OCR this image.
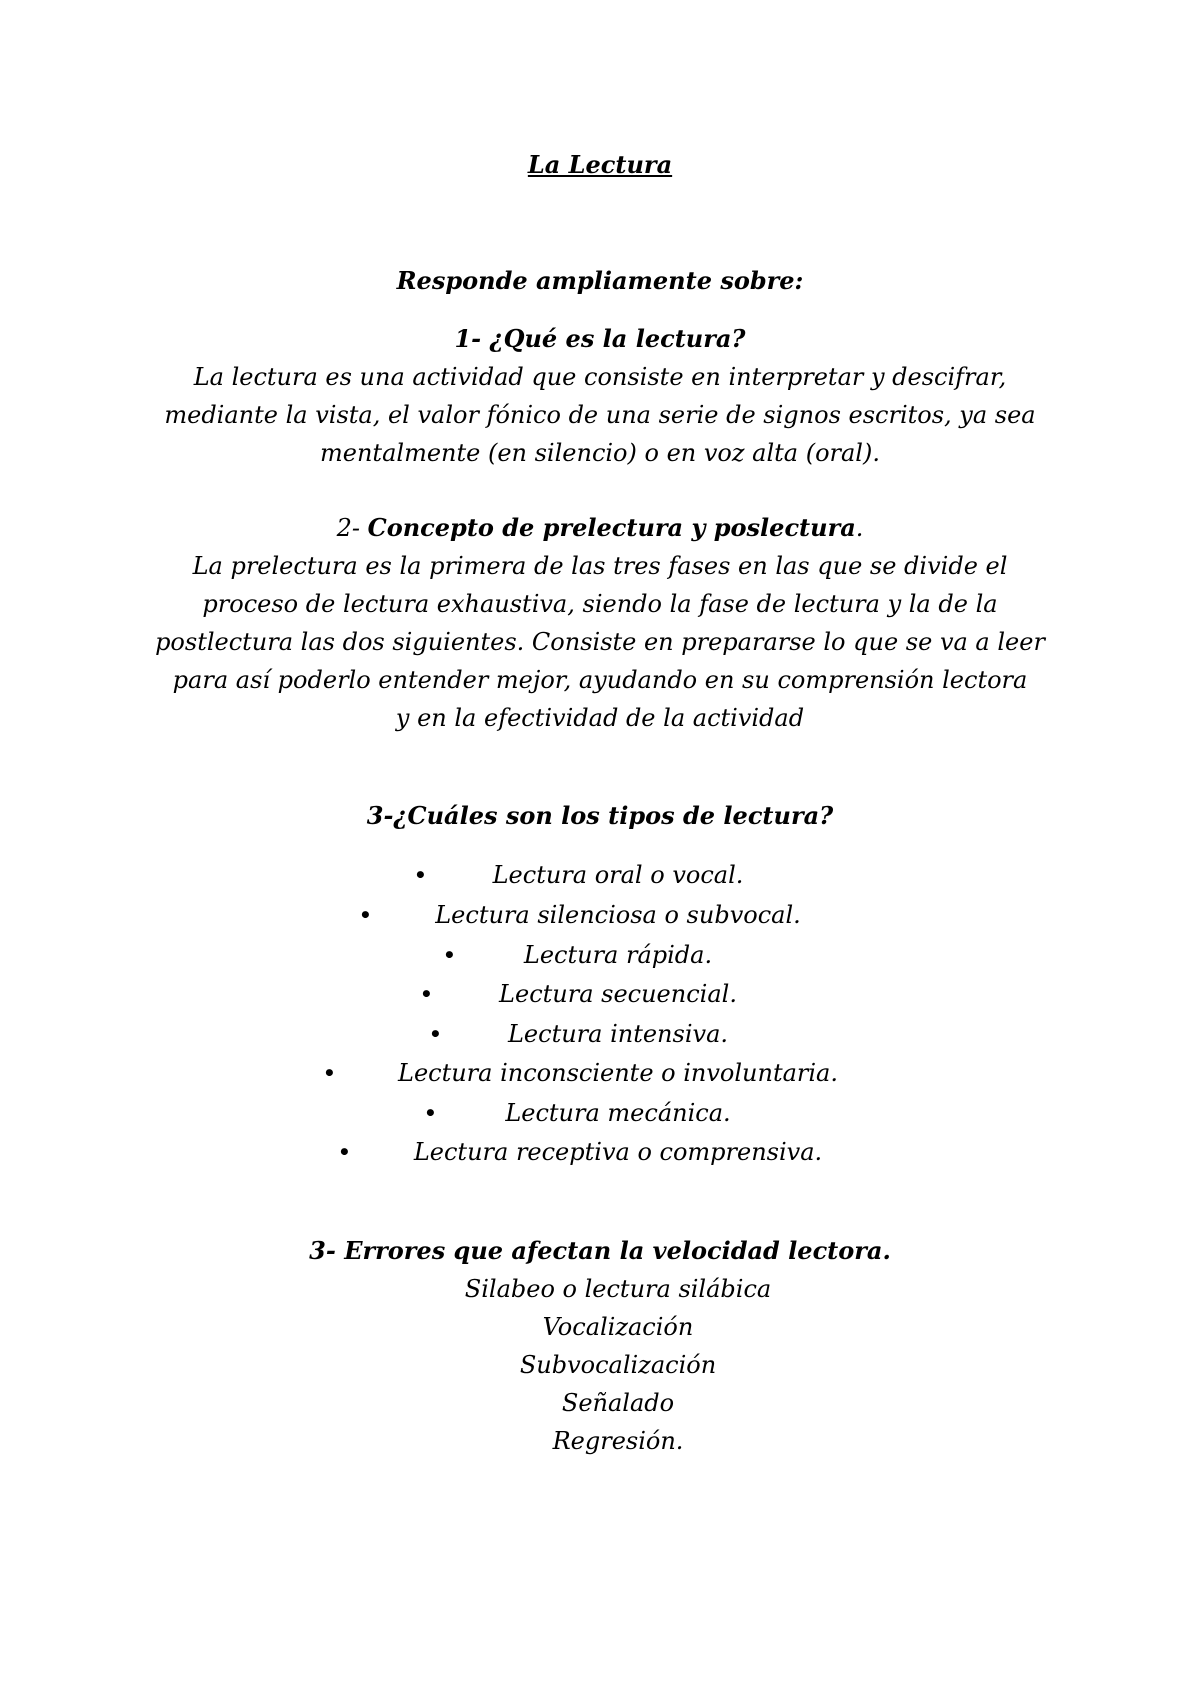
La Lectura
Responde ampliamente sobre:
1- ¿Qué es la lectura?
La lectura es una actividad que consiste en interpretar y descifrar,
mediante la vista, el valor fónico de una serie de signos escritos, ya sea
mentalmente (en silencio) o en voz alta (oral).
2- Concepto de prelectura y poslectura.
La prelectura es la primera de las tres fases en las que se divide el
proceso de lectura exhaustiva, siendo la fase de lectura y la de la
postlectura las dos siguientes. Consiste en prepararse lo que se va a leer
para así poderlo entender mejor, ayudando en su comprensión lectora
y en la efectividad de la actividad
3-¿Cuáles son los tipos de lectura?
•	Lectura oral o vocal.
•	Lectura silenciosa o subvocal.
•	Lectura rápida.
•	Lectura secuencial.
•	Lectura intensiva.
•	Lectura inconsciente o involuntaria.
•	Lectura mecánica.
•	Lectura receptiva o comprensiva.
3- Errores que afectan la velocidad lectora.
Silabeo o lectura silábica
Vocalización
Subvocalización
Señalado
Regresión.
